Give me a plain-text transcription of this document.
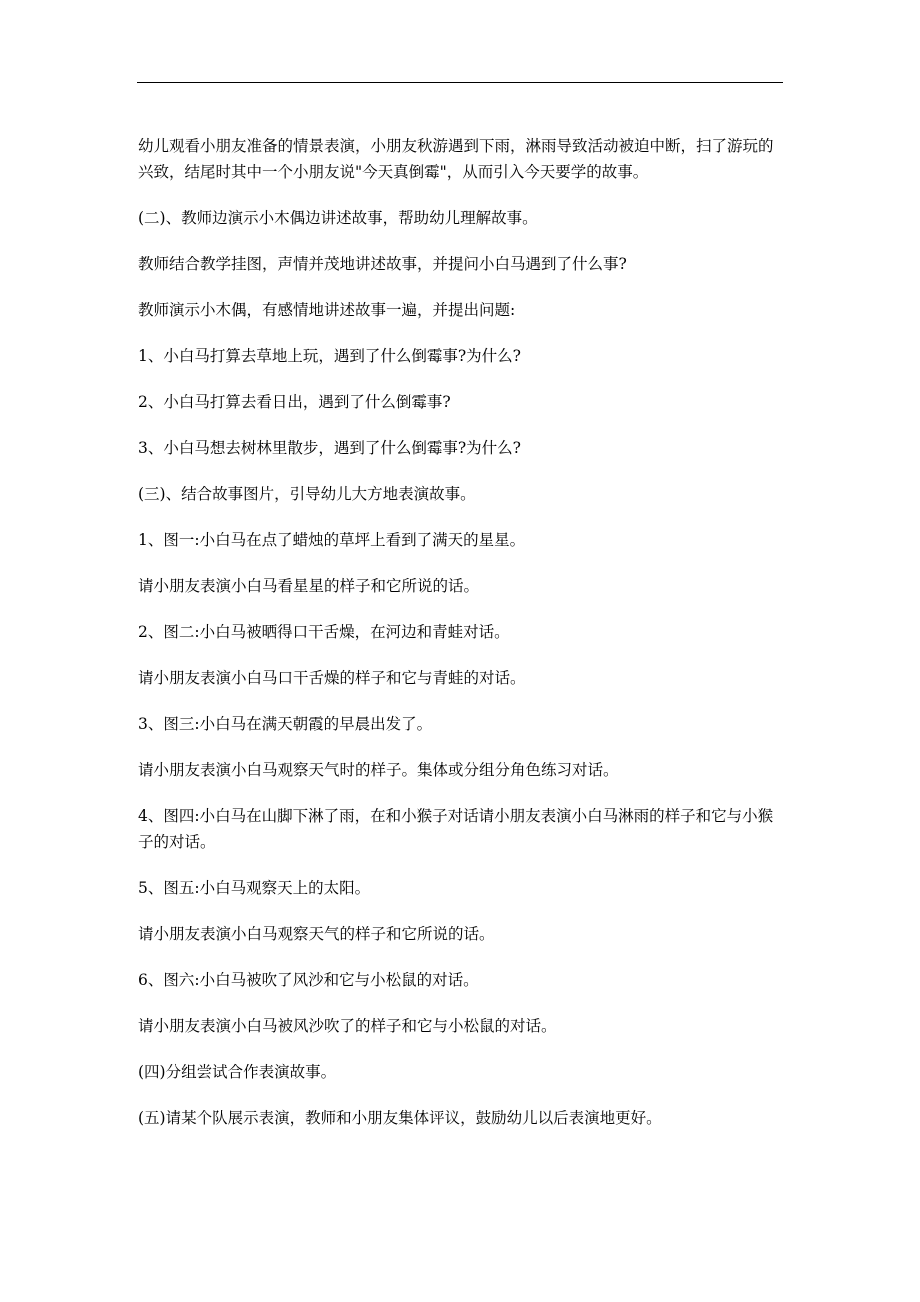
幼儿观看小朋友准备的情景表演，小朋友秋游遇到下雨，淋雨导致活动被迫中断，扫了游玩的兴致，结尾时其中一个小朋友说"今天真倒霉"，从而引入今天要学的故事。

(二)、教师边演示小木偶边讲述故事，帮助幼儿理解故事。

教师结合教学挂图，声情并茂地讲述故事，并提问小白马遇到了什么事?

教师演示小木偶，有感情地讲述故事一遍，并提出问题:

1、小白马打算去草地上玩，遇到了什么倒霉事?为什么?

2、小白马打算去看日出，遇到了什么倒霉事?

3、小白马想去树林里散步，遇到了什么倒霉事?为什么?

(三)、结合故事图片，引导幼儿大方地表演故事。

1、图一:小白马在点了蜡烛的草坪上看到了满天的星星。

请小朋友表演小白马看星星的样子和它所说的话。

2、图二:小白马被晒得口干舌燥，在河边和青蛙对话。

请小朋友表演小白马口干舌燥的样子和它与青蛙的对话。

3、图三:小白马在满天朝霞的早晨出发了。

请小朋友表演小白马观察天气时的样子。集体或分组分角色练习对话。

4、图四:小白马在山脚下淋了雨，在和小猴子对话请小朋友表演小白马淋雨的样子和它与小猴子的对话。

5、图五:小白马观察天上的太阳。

请小朋友表演小白马观察天气的样子和它所说的话。

6、图六:小白马被吹了风沙和它与小松鼠的对话。

请小朋友表演小白马被风沙吹了的样子和它与小松鼠的对话。

(四)分组尝试合作表演故事。

(五)请某个队展示表演，教师和小朋友集体评议，鼓励幼儿以后表演地更好。
